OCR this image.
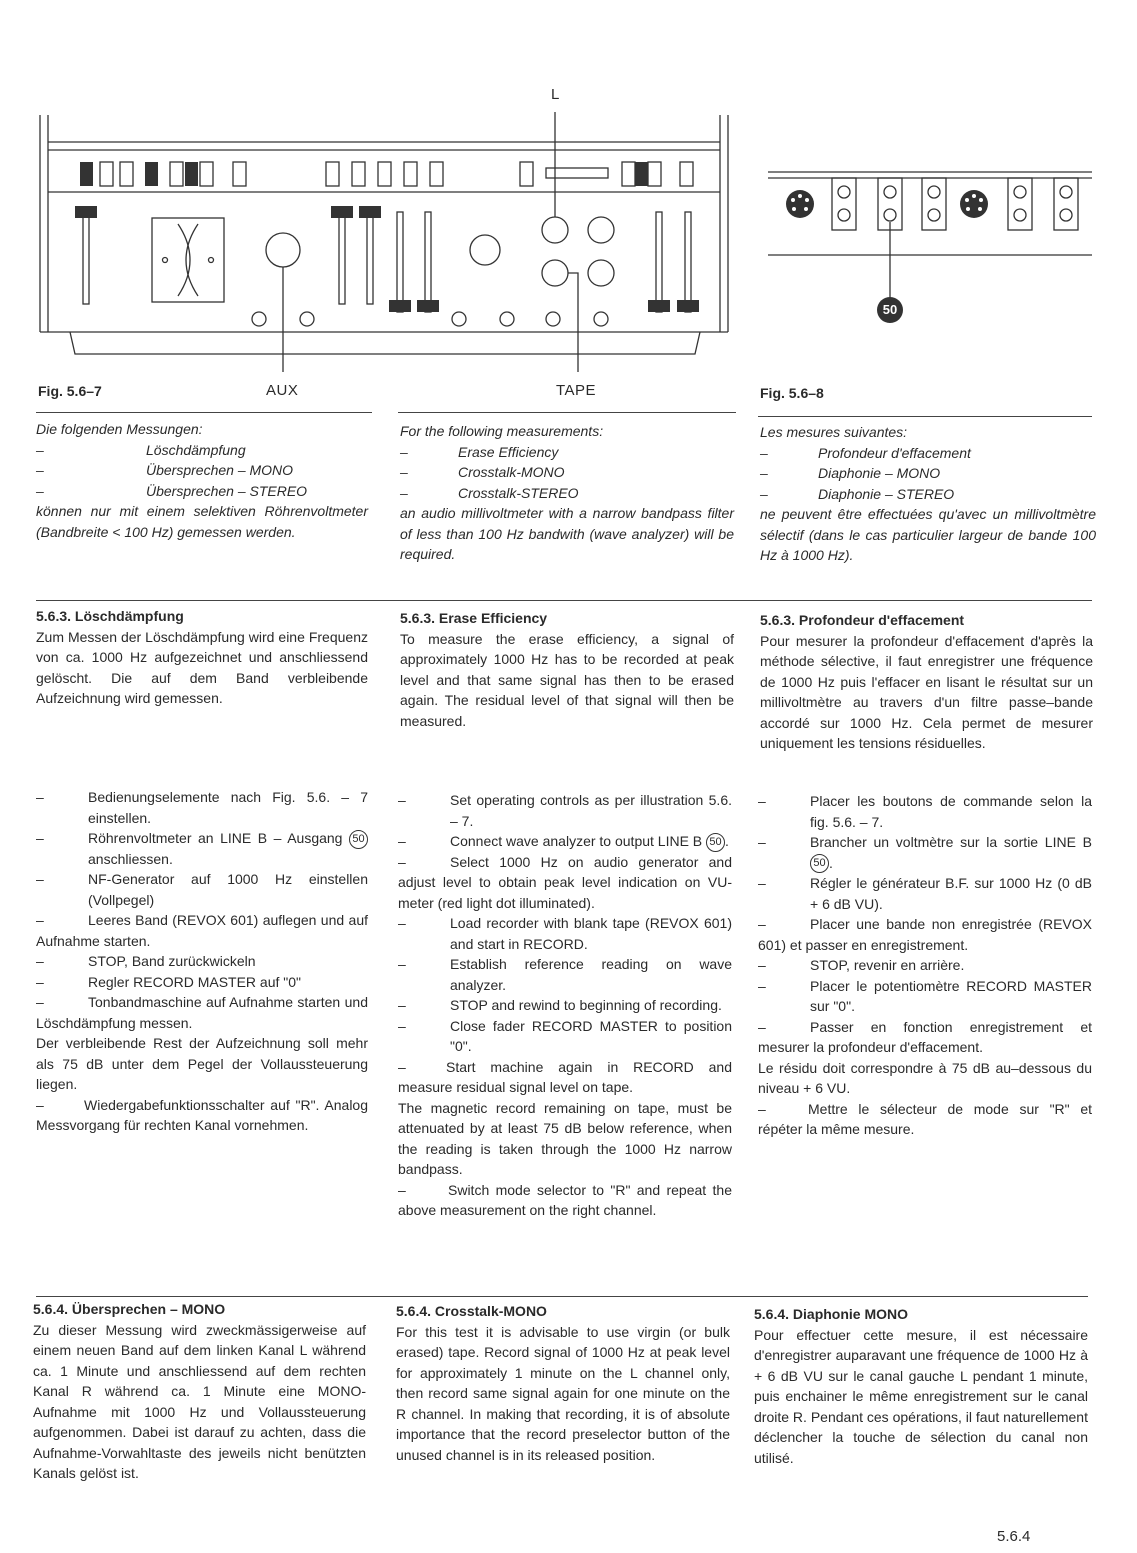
L
Fig. 5.6–7	AUX	TAPE
50
Fig. 5.6–8

Die folgenden Messungen:

–	Löschdämpfung
–	Übersprechen – MONO
–	Übersprechen – STEREO

können nur mit einem selektiven Röhrenvoltmeter (Bandbreite < 100 Hz) gemessen werden.

For the following measurements:

–	Erase Efficiency
–	Crosstalk-MONO
–	Crosstalk-STEREO

an audio millivoltmeter with a narrow bandpass filter of less than 100 Hz bandwith (wave analyzer) will be required.

Les mesures suivantes:

–	Profondeur d'effacement
–	Diaphonie – MONO
–	Diaphonie – STEREO

ne peuvent être effectuées qu'avec un millivoltmètre sélectif (dans le cas particulier largeur de bande 100 Hz à 1000 Hz).

5.6.3. Löschdämpfung

Zum Messen der Löschdämpfung wird eine Frequenz von ca. 1000 Hz aufgezeichnet und anschliessend gelöscht. Die auf dem Band verbleibende Aufzeichnung wird gemessen.

5.6.3. Erase Efficiency

To measure the erase efficiency, a signal of approximately 1000 Hz has to be recorded at peak level and that same signal has then to be erased again. The residual level of that signal will then be measured.

5.6.3. Profondeur d'effacement

Pour mesurer la profondeur d'effacement d'après la méthode sélective, il faut enregistrer une fréquence de 1000 Hz puis l'effacer en lisant le résultat sur un millivoltmètre au travers d'un filtre passe–bande accordé sur 1000 Hz. Cela permet de mesurer uniquement les tensions résiduelles.

–	Bedienungselemente nach Fig. 5.6. – 7 einstellen.
–	Röhrenvoltmeter an LINE B – Ausgang 50 anschliessen.
–	NF-Generator auf 1000 Hz einstellen (Vollpegel)

–	Leeres Band (REVOX 601) auflegen und auf Aufnahme starten.

–	STOP, Band zurückwickeln
–	Regler RECORD MASTER auf "0"

–	Tonbandmaschine auf Aufnahme starten und Löschdämpfung messen.

Der verbleibende Rest der Aufzeichnung soll mehr als 75 dB unter dem Pegel der Vollaussteuerung liegen.

–	Wiedergabefunktionsschalter auf "R". Analog Messvorgang für rechten Kanal vornehmen.

–	Set operating controls as per illustration 5.6. – 7.
–	Connect wave analyzer to output LINE B 50 .

–	Select 1000 Hz on audio generator and adjust level to obtain peak level indication on VU-meter (red light dot illuminated).

–	Load recorder with blank tape (REVOX 601) and start in RECORD.
–	Establish reference reading on wave analyzer.
–	STOP and rewind to beginning of recording.
–	Close fader RECORD MASTER to position "0".

–	Start machine again in RECORD and measure residual signal level on tape.

The magnetic record remaining on tape, must be attenuated by at least 75 dB below reference, when the reading is taken through the 1000 Hz narrow bandpass.

–	Switch mode selector to "R" and repeat the above measurement on the right channel.

–	Placer les boutons de commande selon la fig. 5.6. – 7.
–	Brancher un voltmètre sur la sortie LINE B 50 .
–	Régler le générateur B.F. sur 1000 Hz (0 dB + 6 dB VU).

–	Placer une bande non enregistrée (REVOX 601) et passer en enregistrement.

–	STOP, revenir en arrière.
–	Placer le potentiomètre RECORD MASTER sur "0".

–	Passer en fonction enregistrement et mesurer la profondeur d'effacement.

Le résidu doit correspondre à 75 dB au–dessous du niveau + 6 VU.

–	Mettre le sélecteur de mode sur "R" et répéter la même mesure.

5.6.4. Übersprechen – MONO

Zu dieser Messung wird zweckmässigerweise auf einem neuen Band auf dem linken Kanal L während ca. 1 Minute und anschliessend auf dem rechten Kanal R während ca. 1 Minute eine MONO-Aufnahme mit 1000 Hz und Vollaussteuerung aufgenommen. Dabei ist darauf zu achten, dass die Aufnahme-Vorwahltaste des jeweils nicht benützten Kanals gelöst ist.

5.6.4. Crosstalk-MONO

For this test it is advisable to use virgin (or bulk erased) tape. Record signal of 1000 Hz at peak level for approximately 1 minute on the L channel only, then record same signal again for one minute on the R channel. In making that recording, it is of absolute importance that the record preselector button of the unused channel is in its released position.

5.6.4. Diaphonie MONO

Pour effectuer cette mesure, il est nécessaire d'enregistrer auparavant une fréquence de 1000 Hz à + 6 dB VU sur le canal gauche L pendant 1 minute, puis enchainer le même enregistrement sur le canal droite R. Pendant ces opérations, il faut naturellement déclencher la touche de sélection du canal non utilisé.

5.6.4
